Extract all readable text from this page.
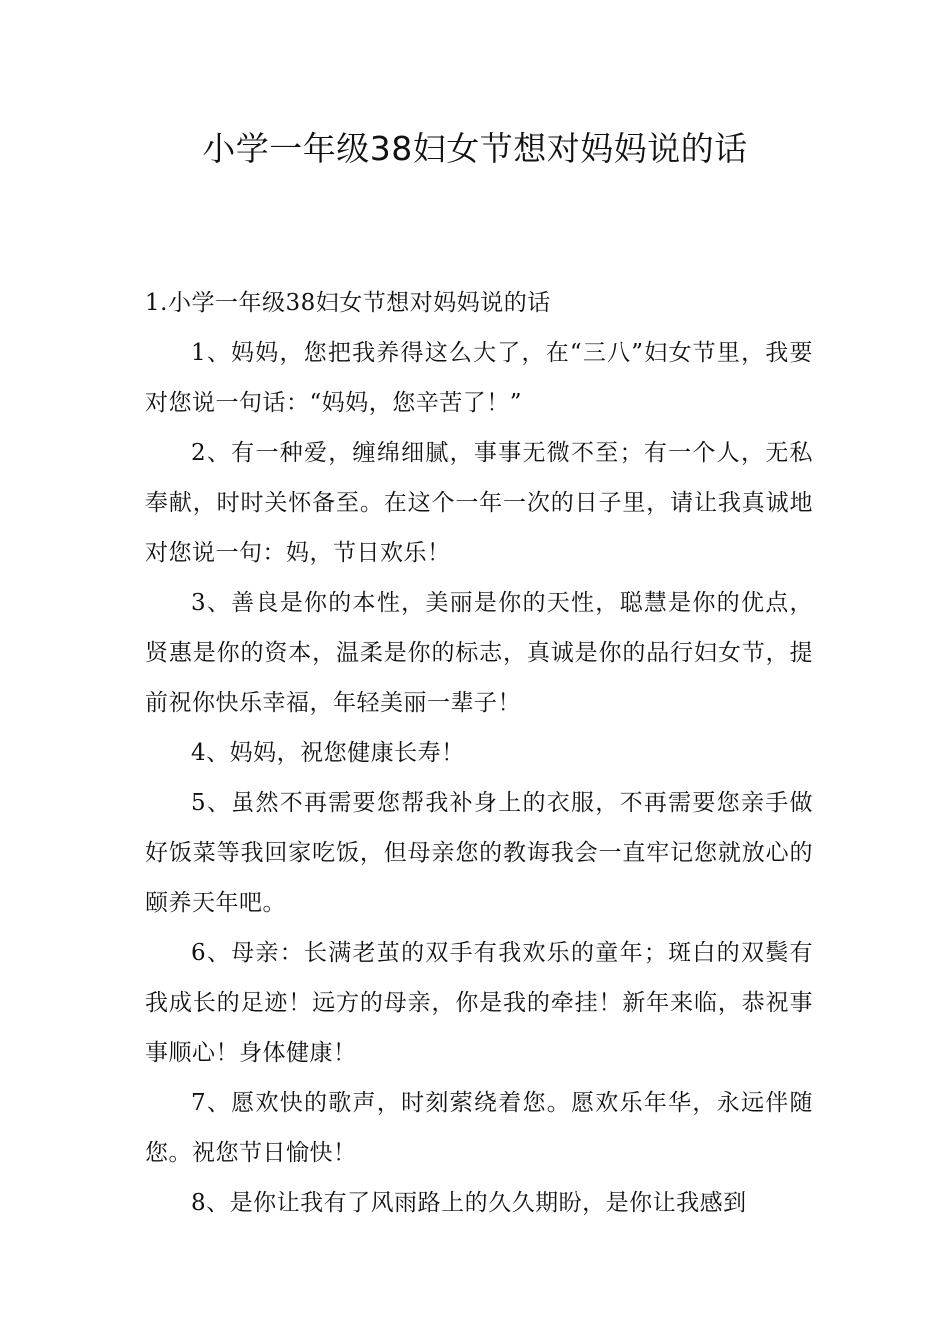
小学一年级38妇女节想对妈妈说的话

1.小学一年级38妇女节想对妈妈说的话

1、妈妈，您把我养得这么大了，在“三八”妇女节里，我要对您说一句话：“妈妈，您辛苦了！”

2、有一种爱，缠绵细腻，事事无微不至；有一个人，无私奉献，时时关怀备至。在这个一年一次的日子里，请让我真诚地对您说一句：妈，节日欢乐！

3、善良是你的本性，美丽是你的天性，聪慧是你的优点，贤惠是你的资本，温柔是你的标志，真诚是你的品行妇女节，提前祝你快乐幸福，年轻美丽一辈子！

4、妈妈，祝您健康长寿！

5、虽然不再需要您帮我补身上的衣服，不再需要您亲手做好饭菜等我回家吃饭，但母亲您的教诲我会一直牢记您就放心的颐养天年吧。

6、母亲：长满老茧的双手有我欢乐的童年；斑白的双鬓有我成长的足迹！远方的母亲，你是我的牵挂！新年来临，恭祝事事顺心！身体健康！

7、愿欢快的歌声，时刻萦绕着您。愿欢乐年华，永远伴随您。祝您节日愉快！

8、是你让我有了风雨路上的久久期盼，是你让我感到
